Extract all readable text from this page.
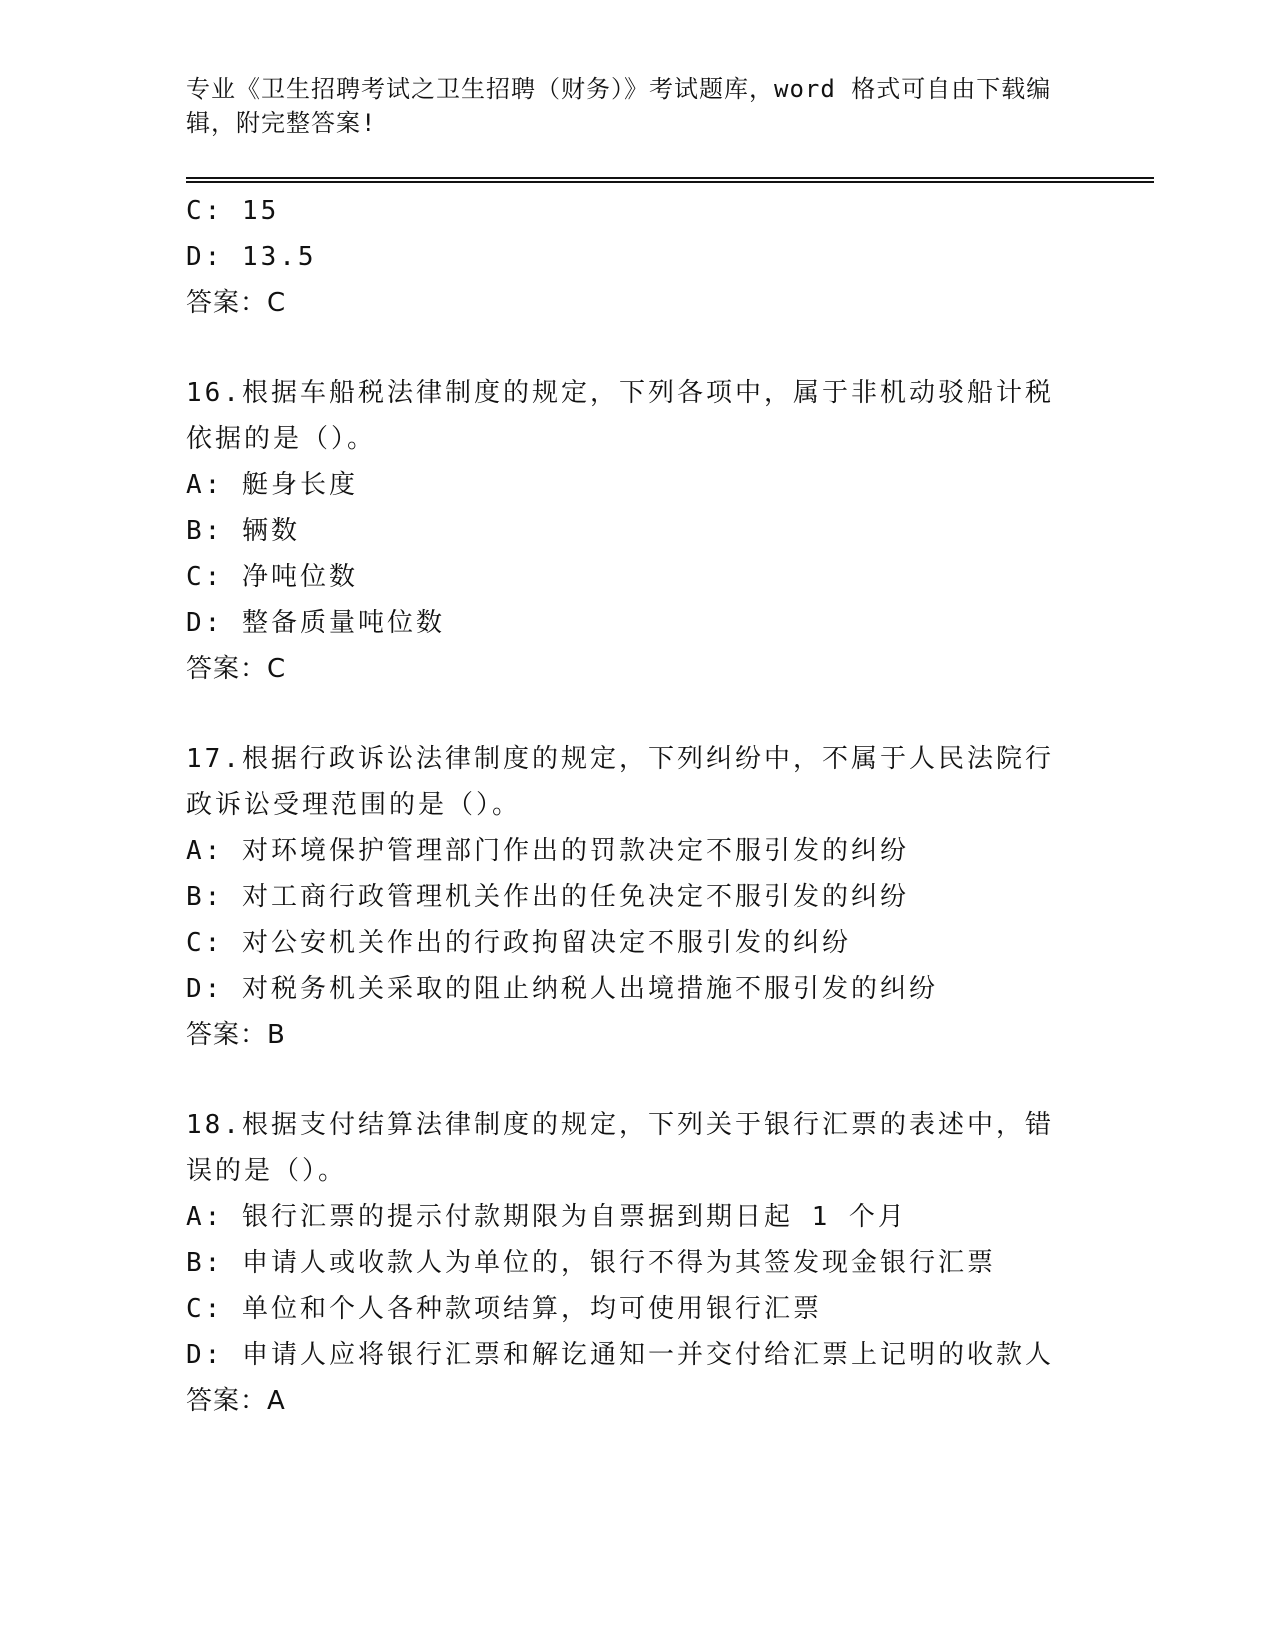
专业《卫生招聘考试之卫生招聘（财务）》考试题库，word 格式可自由下载编辑，附完整答案!
C: 15
D: 13.5
答案：C
16.根据车船税法律制度的规定，下列各项中，属于非机动驳船计税依据的是（）。
A: 艇身长度
B: 辆数
C: 净吨位数
D: 整备质量吨位数
答案：C
17.根据行政诉讼法律制度的规定，下列纠纷中，不属于人民法院行政诉讼受理范围的是（）。
A: 对环境保护管理部门作出的罚款决定不服引发的纠纷
B: 对工商行政管理机关作出的任免决定不服引发的纠纷
C: 对公安机关作出的行政拘留决定不服引发的纠纷
D: 对税务机关采取的阻止纳税人出境措施不服引发的纠纷
答案：B
18.根据支付结算法律制度的规定，下列关于银行汇票的表述中，错误的是（）。
A: 银行汇票的提示付款期限为自票据到期日起 1 个月
B: 申请人或收款人为单位的，银行不得为其签发现金银行汇票
C: 单位和个人各种款项结算，均可使用银行汇票
D: 申请人应将银行汇票和解讫通知一并交付给汇票上记明的收款人
答案：A
